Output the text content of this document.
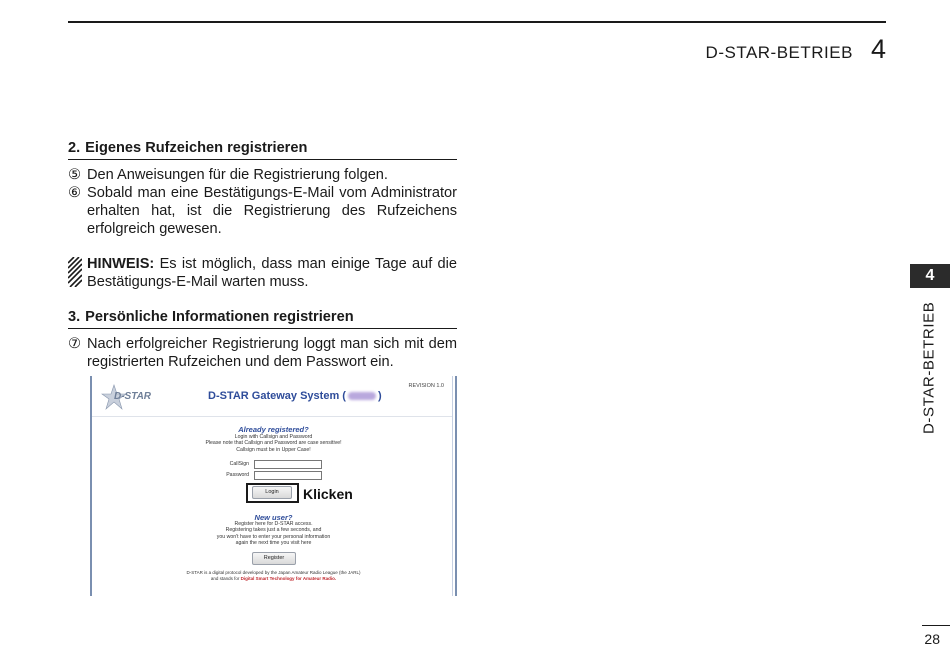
D-STAR-BETRIEB 4
2. Eigenes Rufzeichen registrieren
⑤ Den Anweisungen für die Registrierung folgen.
⑥ Sobald man eine Bestätigungs-E-Mail vom Administrator erhalten hat, ist die Registrierung des Rufzeichens erfolgreich gewesen.
HINWEIS: Es ist möglich, dass man einige Tage auf die Bestätigungs-E-Mail warten muss.
3. Persönliche Informationen registrieren
⑦ Nach erfolgreicher Registrierung loggt man sich mit dem registrierten Rufzeichen und dem Passwort ein.
D-STAR	D-STAR Gateway System (	)
REVISION 1.0
Already registered?
Login with Callsign and Password
Please note that Callsign and Password are case sensitive!
Callsign must be in Upper Case!
CallSign
Password
Login	Klicken
New user?
Register here for D-STAR access.
Registering takes just a few seconds, and
you won't have to enter your personal information
again the next time you visit here
Register
D-STAR is a digital protocol developed by the Japan Amateur Radio League (the JARL)
and stands for Digital Smart Technology for Amateur Radio.
4
D-STAR-BETRIEB
28
